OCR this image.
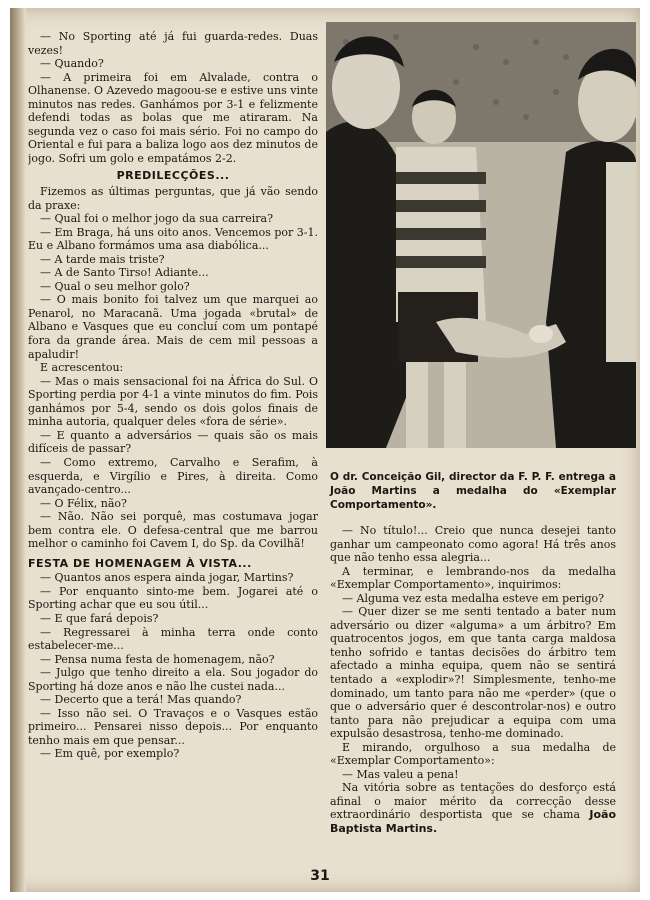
— No Sporting até já fui guarda-redes. Duas vezes!

— Quando?

— A primeira foi em Alvalade, contra o Olhanense. O Azevedo magoou-se e estive uns vinte minutos nas redes. Ganhámos por 3-1 e felizmente defendi todas as bolas que me atiraram. Na segunda vez o caso foi mais sério. Foi no campo do Oriental e fui para a baliza logo aos dez minutos de jogo. Sofri um golo e empatámos 2-2.

PREDILECÇÕES...

Fizemos as últimas perguntas, que já vão sendo da praxe:

— Qual foi o melhor jogo da sua carreira?

— Em Braga, há uns oito anos. Vencemos por 3-1. Eu e Albano formámos uma asa diabólica...

— A tarde mais triste?

— A de Santo Tirso! Adiante...

— Qual o seu melhor golo?

— O mais bonito foi talvez um que marquei ao Penarol, no Maracanã. Uma jogada «brutal» de Albano e Vasques que eu concluí com um pontapé fora da grande área. Mais de cem mil pessoas a apaludir!

E acrescentou:

— Mas o mais sensacional foi na África do Sul. O Sporting perdia por 4-1 a vinte minutos do fim. Pois ganhámos por 5-4, sendo os dois golos finais de minha autoria, qualquer deles «fora de série».

— E quanto a adversários — quais são os mais difíceis de passar?

— Como extremo, Carvalho e Serafim, à esquerda, e Virgílio e Pires, à direita. Como avançado-centro...

— O Félix, não?

— Não. Não sei porquê, mas costumava jogar bem contra ele. O defesa-central que me barrou melhor o caminho foi Cavem I, do Sp. da Covilhã!

FESTA DE HOMENAGEM À VISTA...

— Quantos anos espera ainda jogar, Martins?

— Por enquanto sinto-me bem. Jogarei até o Sporting achar que eu sou útil...

— E que fará depois?

— Regressarei à minha terra onde conto estabelecer-me...

— Pensa numa festa de homenagem, não?

— Julgo que tenho direito a ela. Sou jogador do Sporting há doze anos e não lhe custei nada...

— Decerto que a terá! Mas quando?

— Isso não sei. O Travaços e o Vasques estão primeiro... Pensarei nisso depois... Por enquanto tenho mais em que pensar...

— Em quê, por exemplo?

O dr. Conceição Gil, director da F. P. F. entrega a João Martins a medalha do «Exemplar Comportamento».

— No título!... Creio que nunca desejei tanto ganhar um campeonato como agora! Há três anos que não tenho essa alegria...

A terminar, e lembrando-nos da medalha «Exemplar Comportamento», inquirimos:

— Alguma vez esta medalha esteve em perigo?

— Quer dizer se me senti tentado a bater num adversário ou dizer «alguma» a um árbitro? Em quatrocentos jogos, em que tanta carga maldosa tenho sofrido e tantas decisões do árbitro tem afectado a minha equipa, quem não se sentirá tentado a «explodir»?! Simplesmente, tenho-me dominado, um tanto para não me «perder» (que o que o adversário quer é descontrolar-nos) e outro tanto para não prejudicar a equipa com uma expulsão desastrosa, tenho-me dominado.

E mirando, orgulhoso a sua medalha de «Exemplar Comportamento»:

— Mas valeu a pena!

Na vitória sobre as tentações do desforço está afinal o maior mérito da correcção desse extraordinário desportista que se chama João Baptista Martins.

31
